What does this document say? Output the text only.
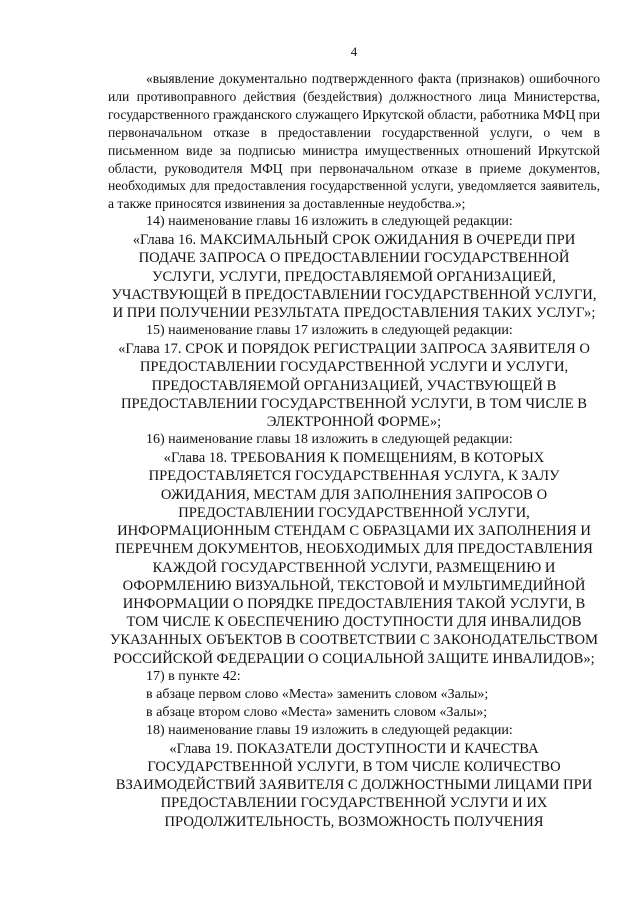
4

«выявление документально подтвержденного факта (признаков) ошибочного или противоправного действия (бездействия) должностного лица Министерства, государственного гражданского служащего Иркутской области, работника МФЦ при первоначальном отказе в предоставлении государственной услуги, о чем в письменном виде за подписью министра имущественных отношений Иркутской области, руководителя МФЦ при первоначальном отказе в приеме документов, необходимых для предоставления государственной услуги, уведомляется заявитель, а также приносятся извинения за доставленные неудобства.»;

14) наименование главы 16 изложить в следующей редакции:

«Глава 16. МАКСИМАЛЬНЫЙ СРОК ОЖИДАНИЯ В ОЧЕРЕДИ ПРИ ПОДАЧЕ ЗАПРОСА О ПРЕДОСТАВЛЕНИИ ГОСУДАРСТВЕННОЙ УСЛУГИ, УСЛУГИ, ПРЕДОСТАВЛЯЕМОЙ ОРГАНИЗАЦИЕЙ, УЧАСТВУЮЩЕЙ В ПРЕДОСТАВЛЕНИИ ГОСУДАРСТВЕННОЙ УСЛУГИ, И ПРИ ПОЛУЧЕНИИ РЕЗУЛЬТАТА ПРЕДОСТАВЛЕНИЯ ТАКИХ УСЛУГ»;

15) наименование главы 17 изложить в следующей редакции:

«Глава 17. СРОК И ПОРЯДОК РЕГИСТРАЦИИ ЗАПРОСА ЗАЯВИТЕЛЯ О ПРЕДОСТАВЛЕНИИ ГОСУДАРСТВЕННОЙ УСЛУГИ И УСЛУГИ, ПРЕДОСТАВЛЯЕМОЙ ОРГАНИЗАЦИЕЙ, УЧАСТВУЮЩЕЙ В ПРЕДОСТАВЛЕНИИ ГОСУДАРСТВЕННОЙ УСЛУГИ, В ТОМ ЧИСЛЕ В ЭЛЕКТРОННОЙ ФОРМЕ»;

16) наименование главы 18 изложить в следующей редакции:

«Глава 18. ТРЕБОВАНИЯ К ПОМЕЩЕНИЯМ, В КОТОРЫХ ПРЕДОСТАВЛЯЕТСЯ ГОСУДАРСТВЕННАЯ УСЛУГА, К ЗАЛУ ОЖИДАНИЯ, МЕСТАМ ДЛЯ ЗАПОЛНЕНИЯ ЗАПРОСОВ О ПРЕДОСТАВЛЕНИИ ГОСУДАРСТВЕННОЙ УСЛУГИ, ИНФОРМАЦИОННЫМ СТЕНДАМ С ОБРАЗЦАМИ ИХ ЗАПОЛНЕНИЯ И ПЕРЕЧНЕМ ДОКУМЕНТОВ, НЕОБХОДИМЫХ ДЛЯ ПРЕДОСТАВЛЕНИЯ КАЖДОЙ ГОСУДАРСТВЕННОЙ УСЛУГИ, РАЗМЕЩЕНИЮ И ОФОРМЛЕНИЮ ВИЗУАЛЬНОЙ, ТЕКСТОВОЙ И МУЛЬТИМЕДИЙНОЙ ИНФОРМАЦИИ О ПОРЯДКЕ ПРЕДОСТАВЛЕНИЯ ТАКОЙ УСЛУГИ, В ТОМ ЧИСЛЕ К ОБЕСПЕЧЕНИЮ ДОСТУПНОСТИ ДЛЯ ИНВАЛИДОВ УКАЗАННЫХ ОБЪЕКТОВ В СООТВЕТСТВИИ С ЗАКОНОДАТЕЛЬСТВОМ РОССИЙСКОЙ ФЕДЕРАЦИИ О СОЦИАЛЬНОЙ ЗАЩИТЕ ИНВАЛИДОВ»;

17) в пункте 42:

в абзаце первом слово «Места» заменить словом «Залы»;

в абзаце втором слово «Места» заменить словом «Залы»;

18) наименование главы 19 изложить в следующей редакции:

«Глава 19. ПОКАЗАТЕЛИ ДОСТУПНОСТИ И КАЧЕСТВА ГОСУДАРСТВЕННОЙ УСЛУГИ, В ТОМ ЧИСЛЕ КОЛИЧЕСТВО ВЗАИМОДЕЙСТВИЙ ЗАЯВИТЕЛЯ С ДОЛЖНОСТНЫМИ ЛИЦАМИ ПРИ ПРЕДОСТАВЛЕНИИ ГОСУДАРСТВЕННОЙ УСЛУГИ И ИХ ПРОДОЛЖИТЕЛЬНОСТЬ, ВОЗМОЖНОСТЬ ПОЛУЧЕНИЯ
